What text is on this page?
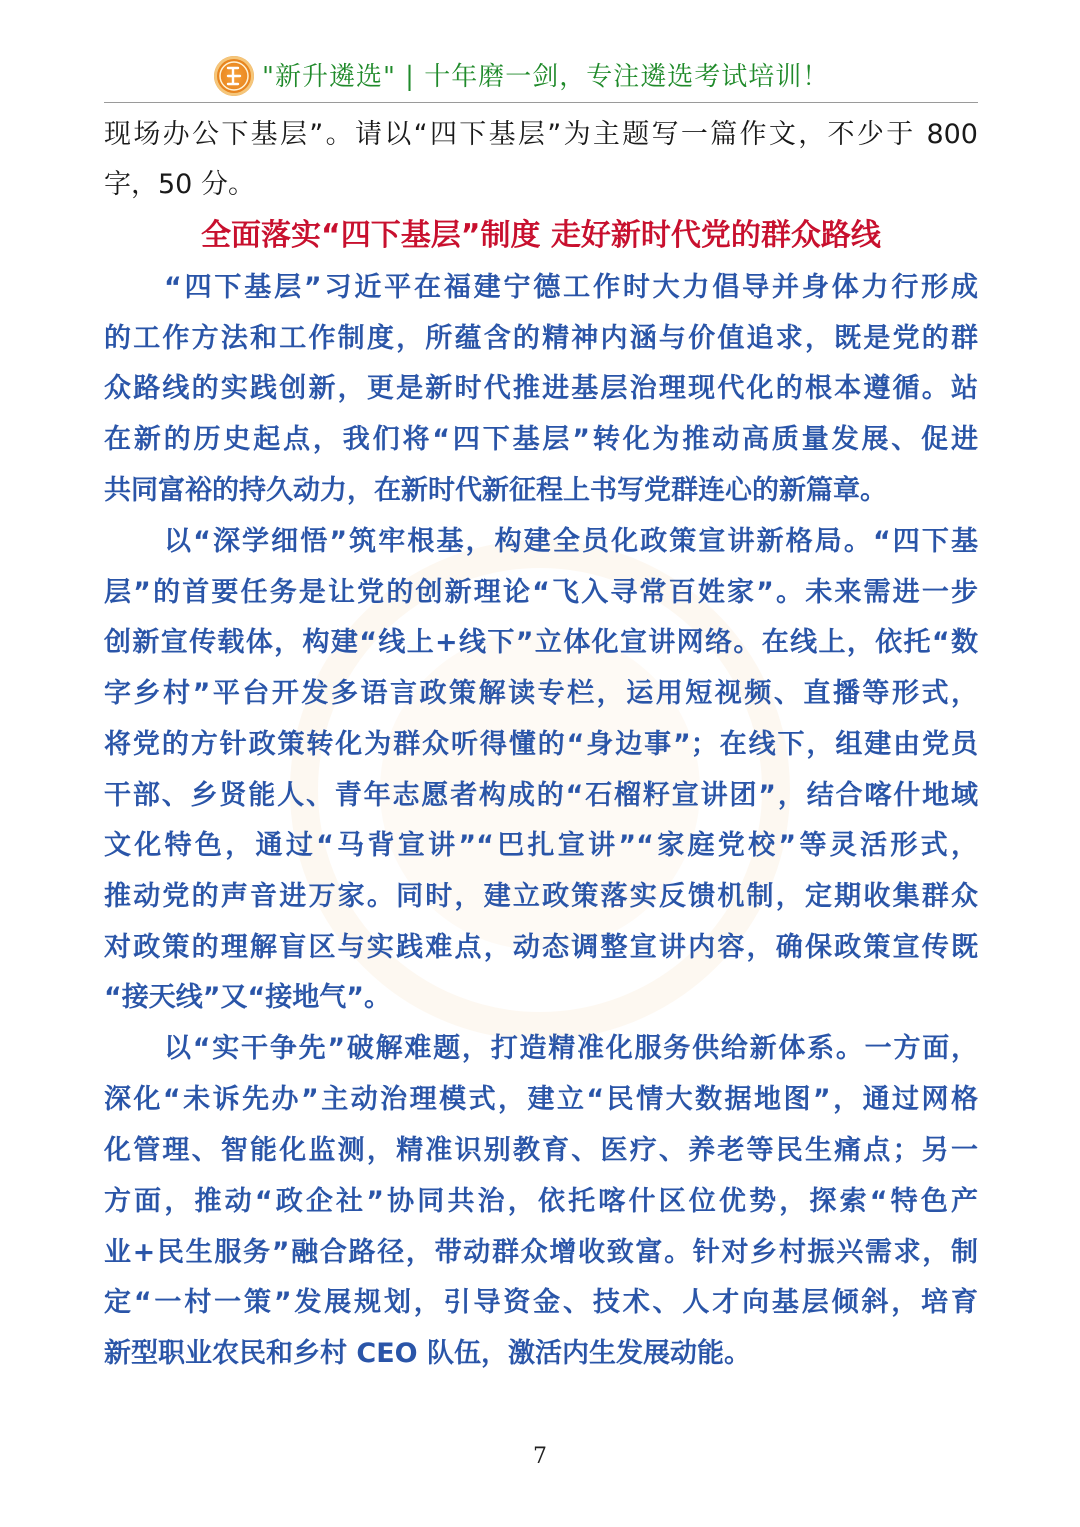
"新升遴选" | 十年磨一剑，专注遴选考试培训！
现场办公下基层”。请以“四下基层”为主题写一篇作文，不少于 800
字，50 分。
全面落实“四下基层”制度 走好新时代党的群众路线
“四下基层”习近平在福建宁德工作时大力倡导并身体力行形成
的工作方法和工作制度，所蕴含的精神内涵与价值追求，既是党的群
众路线的实践创新，更是新时代推进基层治理现代化的根本遵循。站
在新的历史起点，我们将“四下基层”转化为推动高质量发展、促进
共同富裕的持久动力，在新时代新征程上书写党群连心的新篇章。
以“深学细悟”筑牢根基，构建全员化政策宣讲新格局。“四下基
层”的首要任务是让党的创新理论“飞入寻常百姓家”。未来需进一步
创新宣传载体，构建“线上+线下”立体化宣讲网络。在线上，依托“数
字乡村”平台开发多语言政策解读专栏，运用短视频、直播等形式，
将党的方针政策转化为群众听得懂的“身边事”；在线下，组建由党员
干部、乡贤能人、青年志愿者构成的“石榴籽宣讲团”，结合喀什地域
文化特色，通过“马背宣讲”“巴扎宣讲”“家庭党校”等灵活形式，
推动党的声音进万家。同时，建立政策落实反馈机制，定期收集群众
对政策的理解盲区与实践难点，动态调整宣讲内容，确保政策宣传既
“接天线”又“接地气”。
以“实干争先”破解难题，打造精准化服务供给新体系。一方面，
深化“未诉先办”主动治理模式，建立“民情大数据地图”，通过网格
化管理、智能化监测，精准识别教育、医疗、养老等民生痛点；另一
方面，推动“政企社”协同共治，依托喀什区位优势，探索“特色产
业+民生服务”融合路径，带动群众增收致富。针对乡村振兴需求，制
定“一村一策”发展规划，引导资金、技术、人才向基层倾斜，培育
新型职业农民和乡村 CEO 队伍，激活内生发展动能。
7
